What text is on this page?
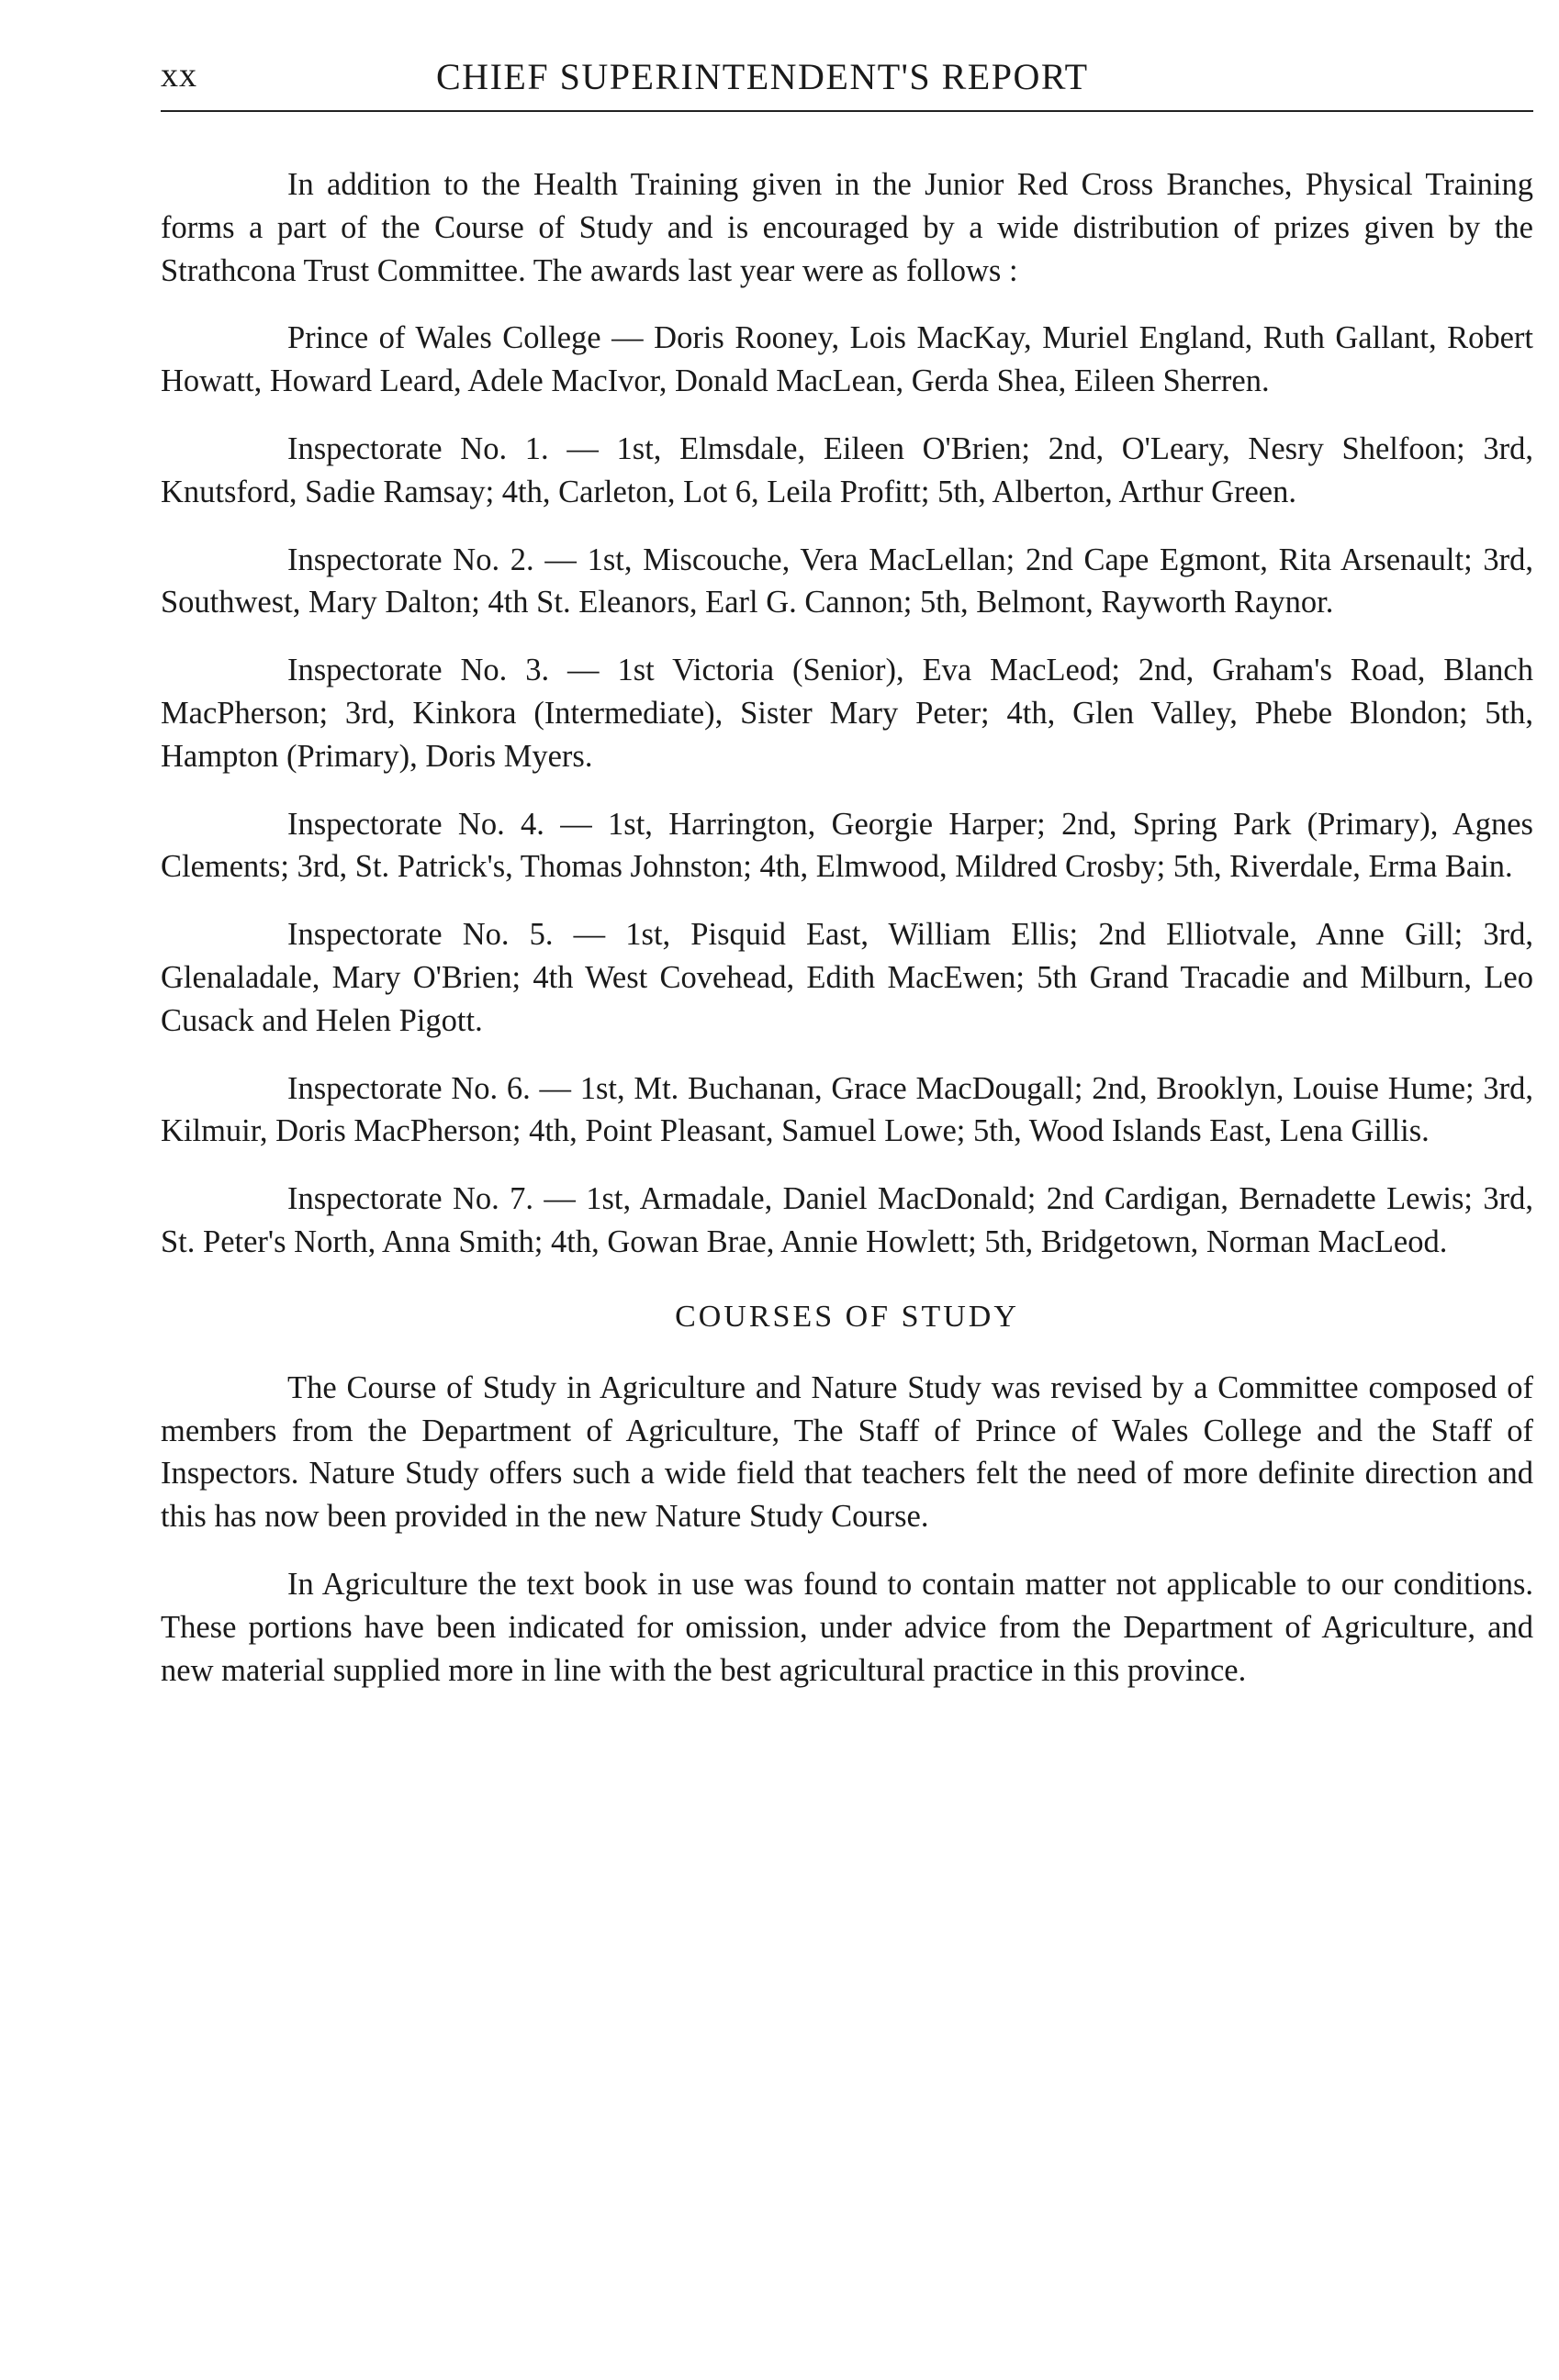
xx	CHIEF SUPERINTENDENT'S REPORT

In addition to the Health Training given in the Junior Red Cross Branches, Physical Training forms a part of the Course of Study and is encouraged by a wide distribution of prizes given by the Strathcona Trust Committee. The awards last year were as follows :

Prince of Wales College — Doris Rooney, Lois MacKay, Muriel England, Ruth Gallant, Robert Howatt, Howard Leard, Adele MacIvor, Donald MacLean, Gerda Shea, Eileen Sherren.

Inspectorate No. 1. — 1st, Elmsdale, Eileen O'Brien; 2nd, O'Leary, Nesry Shelfoon; 3rd, Knutsford, Sadie Ramsay; 4th, Carleton, Lot 6, Leila Profitt; 5th, Alberton, Arthur Green.

Inspectorate No. 2. — 1st, Miscouche, Vera MacLellan; 2nd Cape Egmont, Rita Arsenault; 3rd, Southwest, Mary Dalton; 4th St. Eleanors, Earl G. Cannon; 5th, Belmont, Rayworth Raynor.

Inspectorate No. 3. — 1st Victoria (Senior), Eva MacLeod; 2nd, Graham's Road, Blanch MacPherson; 3rd, Kinkora (Intermediate), Sister Mary Peter; 4th, Glen Valley, Phebe Blondon; 5th, Hampton (Primary), Doris Myers.

Inspectorate No. 4. — 1st, Harrington, Georgie Harper; 2nd, Spring Park (Primary), Agnes Clements; 3rd, St. Patrick's, Thomas Johnston; 4th, Elmwood, Mildred Crosby; 5th, Riverdale, Erma Bain.

Inspectorate No. 5. — 1st, Pisquid East, William Ellis; 2nd Elliotvale, Anne Gill; 3rd, Glenaladale, Mary O'Brien; 4th West Covehead, Edith MacEwen; 5th Grand Tracadie and Milburn, Leo Cusack and Helen Pigott.

Inspectorate No. 6. — 1st, Mt. Buchanan, Grace MacDougall; 2nd, Brooklyn, Louise Hume; 3rd, Kilmuir, Doris MacPherson; 4th, Point Pleasant, Samuel Lowe; 5th, Wood Islands East, Lena Gillis.

Inspectorate No. 7. — 1st, Armadale, Daniel MacDonald; 2nd Cardigan, Bernadette Lewis; 3rd, St. Peter's North, Anna Smith; 4th, Gowan Brae, Annie Howlett; 5th, Bridgetown, Norman MacLeod.

COURSES OF STUDY

The Course of Study in Agriculture and Nature Study was revised by a Committee composed of members from the Department of Agriculture, The Staff of Prince of Wales College and the Staff of Inspectors. Nature Study offers such a wide field that teachers felt the need of more definite direction and this has now been provided in the new Nature Study Course.

In Agriculture the text book in use was found to contain matter not applicable to our conditions. These portions have been indicated for omission, under advice from the Department of Agriculture, and new material supplied more in line with the best agricultural practice in this province.
